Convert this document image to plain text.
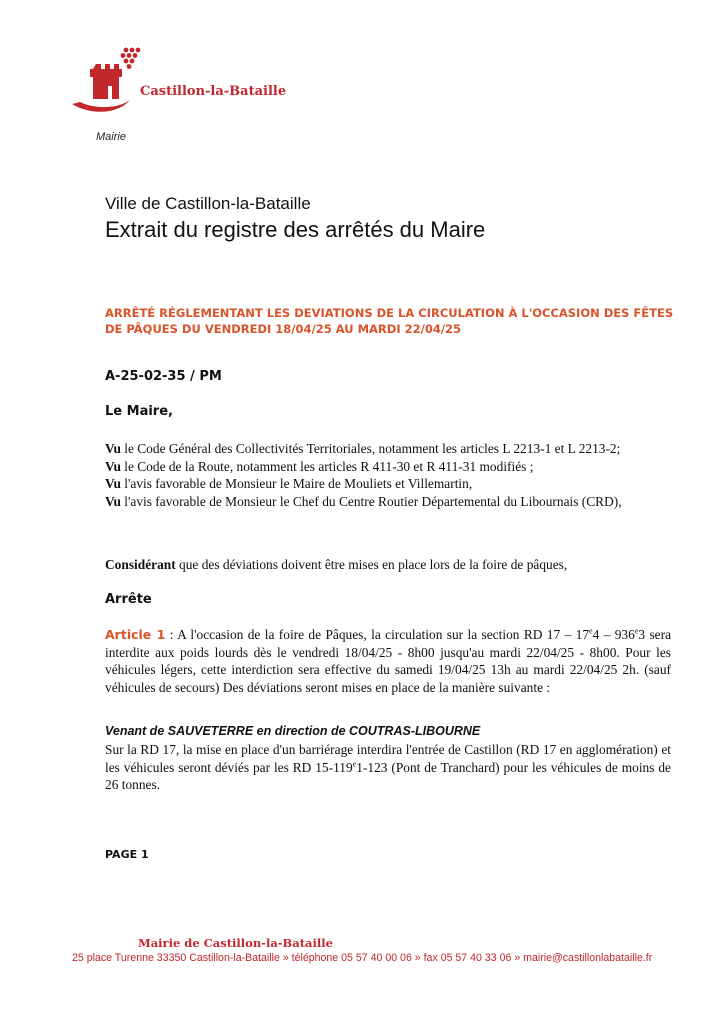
Castillon-la-Bataille
Mairie
Ville de Castillon-la-Bataille
Extrait du registre des arrêtés du Maire
ARRÊTÉ RÉGLEMENTANT LES DEVIATIONS DE LA CIRCULATION À L'OCCASION DES FÊTES DE PÂQUES DU VENDREDI 18/04/25 AU MARDI 22/04/25
A-25-02-35 / PM
Le Maire,

Vu le Code Général des Collectivités Territoriales, notamment les articles L 2213-1 et L 2213-2;

Vu le Code de la Route, notamment les articles R 411-30 et R 411-31 modifiés ;

Vu l'avis favorable de Monsieur le Maire de Mouliets et Villemartin,

Vu l'avis favorable de Monsieur le Chef du Centre Routier Départemental du Libournais (CRD),

Considérant que des déviations doivent être mises en place lors de la foire de pâques,

Arrête

Article 1 : A l'occasion de la foire de Pâques, la circulation sur la section RD 17 – 17e4 – 936e3 sera interdite aux poids lourds dès le vendredi 18/04/25 - 8h00 jusqu'au mardi 22/04/25 - 8h00. Pour les véhicules légers, cette interdiction sera effective du samedi 19/04/25 13h au mardi 22/04/25 2h. (sauf véhicules de secours) Des déviations seront mises en place de la manière suivante :

Venant de SAUVETERRE en direction de COUTRAS-LIBOURNE

Sur la RD 17, la mise en place d'un barriérage interdira l'entrée de Castillon (RD 17 en agglomération) et les véhicules seront déviés par les RD 15-119e1-123 (Pont de Tranchard) pour les véhicules de moins de 26 tonnes.

PAGE 1
Mairie de Castillon-la-Bataille
25 place Turenne 33350 Castillon-la-Bataille » téléphone 05 57 40 00 06 » fax 05 57 40 33 06 » mairie@castillonlabataille.fr
